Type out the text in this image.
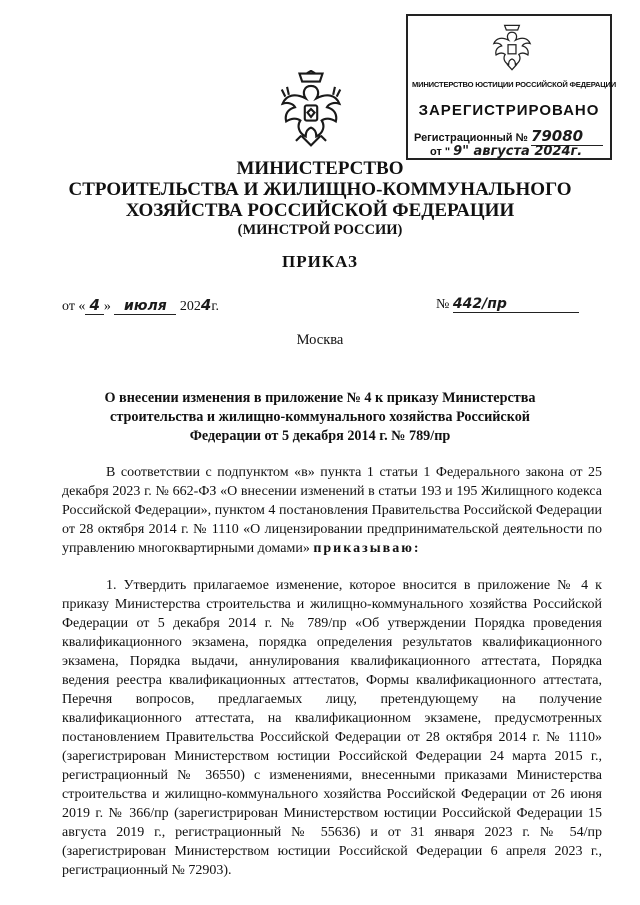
МИНИСТЕРСТВО ЮСТИЦИИ РОССИЙСКОЙ ФЕДЕРАЦИИ
ЗАРЕГИСТРИРОВАНО
Регистрационный № 79080
от " 9" августа 2024г.
МИНИСТЕРСТВО
СТРОИТЕЛЬСТВА И ЖИЛИЩНО-КОММУНАЛЬНОГО
ХОЗЯЙСТВА РОССИЙСКОЙ ФЕДЕРАЦИИ
(МИНСТРОЙ РОССИИ)
ПРИКАЗ
от « 4 » июля 2024г.	№ 442/пр
Москва
О внесении изменения в приложение № 4 к приказу Министерства строительства и жилищно-коммунального хозяйства Российской Федерации от 5 декабря 2014 г. № 789/пр
В соответствии с подпунктом «в» пункта 1 статьи 1 Федерального закона от 25 декабря 2023 г. № 662-ФЗ «О внесении изменений в статьи 193 и 195 Жилищного кодекса Российской Федерации», пунктом 4 постановления Правительства Российской Федерации от 28 октября 2014 г. № 1110 «О лицензировании предпринимательской деятельности по управлению многоквартирными домами» приказываю:
1. Утвердить прилагаемое изменение, которое вносится в приложение № 4 к приказу Министерства строительства и жилищно-коммунального хозяйства Российской Федерации от 5 декабря 2014 г. № 789/пр «Об утверждении Порядка проведения квалификационного экзамена, порядка определения результатов квалификационного экзамена, Порядка выдачи, аннулирования квалификационного аттестата, Порядка ведения реестра квалификационных аттестатов, Формы квалификационного аттестата, Перечня вопросов, предлагаемых лицу, претендующему на получение квалификационного аттестата, на квалификационном экзамене, предусмотренных постановлением Правительства Российской Федерации от 28 октября 2014 г. № 1110» (зарегистрирован Министерством юстиции Российской Федерации 24 марта 2015 г., регистрационный № 36550) с изменениями, внесенными приказами Министерства строительства и жилищно-коммунального хозяйства Российской Федерации от 26 июня 2019 г. № 366/пр (зарегистрирован Министерством юстиции Российской Федерации 15 августа 2019 г., регистрационный № 55636) и от 31 января 2023 г. № 54/пр (зарегистрирован Министерством юстиции Российской Федерации 6 апреля 2023 г., регистрационный № 72903).
